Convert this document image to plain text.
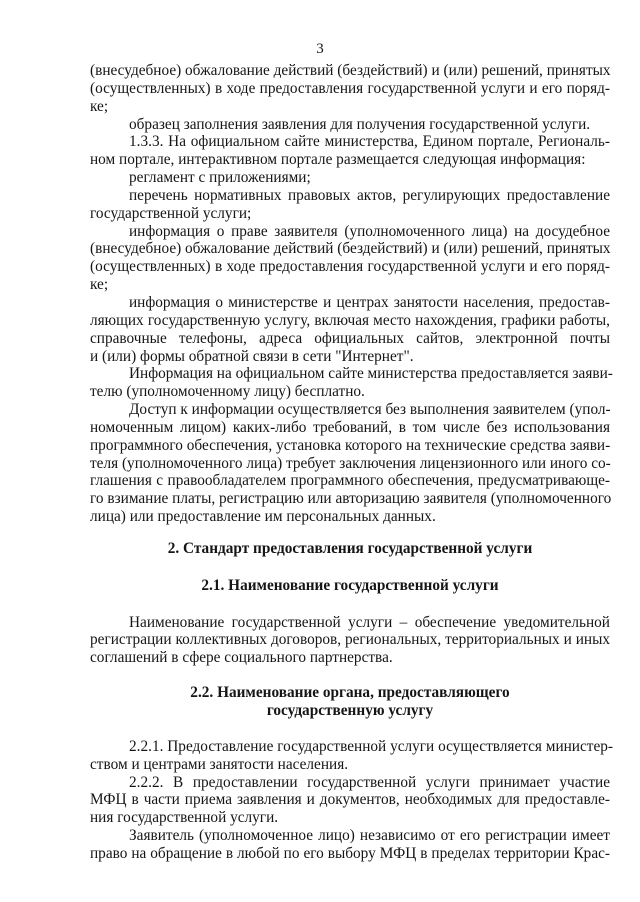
3
(внесудебное) обжалование действий (бездействий) и (или) решений, принятых
(осуществленных) в ходе предоставления государственной услуги и его поряд-
ке;
образец заполнения заявления для получения государственной услуги.
1.3.3. На официальном сайте министерства, Едином портале, Региональ-
ном портале, интерактивном портале размещается следующая информация:
регламент с приложениями;
перечень нормативных правовых актов, регулирующих предоставление
государственной услуги;
информация о праве заявителя (уполномоченного лица) на досудебное
(внесудебное) обжалование действий (бездействий) и (или) решений, принятых
(осуществленных) в ходе предоставления государственной услуги и его поряд-
ке;
информация о министерстве и центрах занятости населения, предостав-
ляющих государственную услугу, включая место нахождения, графики работы,
справочные телефоны, адреса официальных сайтов, электронной почты
и (или) формы обратной связи в сети "Интернет".
Информация на официальном сайте министерства предоставляется заяви-
телю (уполномоченному лицу) бесплатно.
Доступ к информации осуществляется без выполнения заявителем (упол-
номоченным лицом) каких-либо требований, в том числе без использования
программного обеспечения, установка которого на технические средства заяви-
теля (уполномоченного лица) требует заключения лицензионного или иного со-
глашения с правообладателем программного обеспечения, предусматривающе-
го взимание платы, регистрацию или авторизацию заявителя (уполномоченного
лица) или предоставление им персональных данных.
2. Стандарт предоставления государственной услуги
2.1. Наименование государственной услуги
Наименование государственной услуги – обеспечение уведомительной
регистрации коллективных договоров, региональных, территориальных и иных
соглашений в сфере социального партнерства.
2.2. Наименование органа, предоставляющего
государственную услугу
2.2.1. Предоставление государственной услуги осуществляется министер-
ством и центрами занятости населения.
2.2.2. В предоставлении государственной услуги принимает участие
МФЦ в части приема заявления и документов, необходимых для предоставле-
ния государственной услуги.
Заявитель (уполномоченное лицо) независимо от его регистрации имеет
право на обращение в любой по его выбору МФЦ в пределах территории Крас-
